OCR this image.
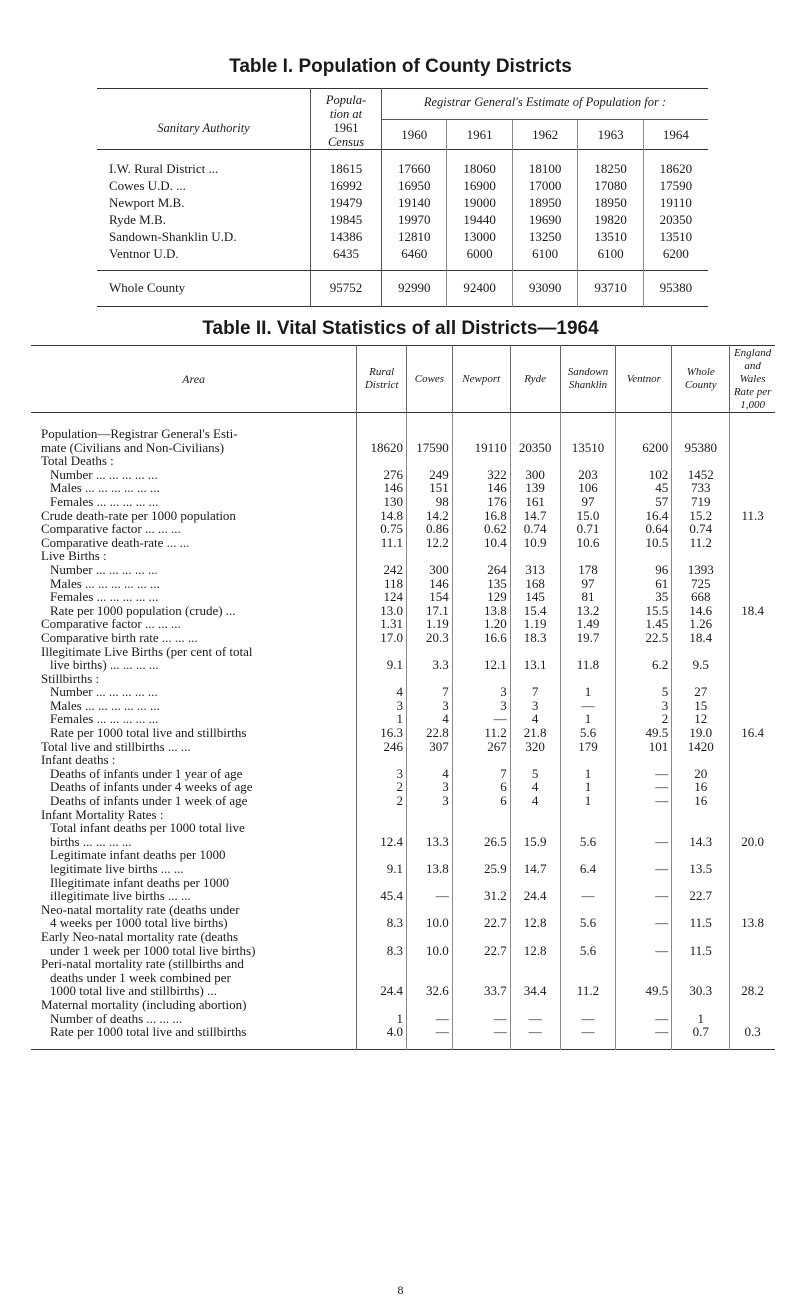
Table I. Population of County Districts
Sanitary Authority	Popula-
tion at
1961
Census	Registrar General's Estimate of Population for :				
		1960	1961	1962	1963	1964
I.W. Rural District ...	18615	17660	18060	18100	18250	18620
Cowes U.D. ...	16992	16950	16900	17000	17080	17590
Newport M.B.	19479	19140	19000	18950	18950	19110
Ryde M.B.	19845	19970	19440	19690	19820	20350
Sandown-Shanklin U.D.	14386	12810	13000	13250	13510	13510
Ventnor U.D.	6435	6460	6000	6100	6100	6200
Whole County	95752	92990	92400	93090	93710	95380
Table II. Vital Statistics of all Districts—1964
Area	Rural District	Cowes	Newport	Ryde	Sandown Shanklin	Ventnor	Whole County	England and Wales Rate per 1,000

Population—Registrar General's Esti-								
mate (Civilians and Non-Civilians)	18620	17590	19110	20350	13510	6200	95380	
Total Deaths :								
Number ... ... ... ... ...	276	249	322	300	203	102	1452	
Males ... ... ... ... ... ...	146	151	146	139	106	45	733	
Females ... ... ... ... ...	130	98	176	161	97	57	719	
Crude death-rate per 1000 population	14.8	14.2	16.8	14.7	15.0	16.4	15.2	11.3
Comparative factor ... ... ...	0.75	0.86	0.62	0.74	0.71	0.64	0.74	
Comparative death-rate ... ...	11.1	12.2	10.4	10.9	10.6	10.5	11.2	
Live Births :								
Number ... ... ... ... ...	242	300	264	313	178	96	1393	
Males ... ... ... ... ... ...	118	146	135	168	97	61	725	
Females ... ... ... ... ...	124	154	129	145	81	35	668	
Rate per 1000 population (crude) ...	13.0	17.1	13.8	15.4	13.2	15.5	14.6	18.4
Comparative factor ... ... ...	1.31	1.19	1.20	1.19	1.49	1.45	1.26	
Comparative birth rate ... ... ...	17.0	20.3	16.6	18.3	19.7	22.5	18.4	
Illegitimate Live Births (per cent of total								
live births) ... ... ... ...	9.1	3.3	12.1	13.1	11.8	6.2	9.5	
Stillbirths :								
Number ... ... ... ... ...	4	7	3	7	1	5	27	
Males ... ... ... ... ... ...	3	3	3	3	—	3	15	
Females ... ... ... ... ...	1	4	—	4	1	2	12	
Rate per 1000 total live and stillbirths	16.3	22.8	11.2	21.8	5.6	49.5	19.0	16.4
Total live and stillbirths ... ...	246	307	267	320	179	101	1420	
Infant deaths :								
Deaths of infants under 1 year of age	3	4	7	5	1	—	20	
Deaths of infants under 4 weeks of age	2	3	6	4	1	—	16	
Deaths of infants under 1 week of age	2	3	6	4	1	—	16	
Infant Mortality Rates :								
Total infant deaths per 1000 total live								
births ... ... ... ...	12.4	13.3	26.5	15.9	5.6	—	14.3	20.0
Legitimate infant deaths per 1000								
legitimate live births ... ...	9.1	13.8	25.9	14.7	6.4	—	13.5	
Illegitimate infant deaths per 1000								
illegitimate live births ... ...	45.4	—	31.2	24.4	—	—	22.7	
Neo-natal mortality rate (deaths under								
4 weeks per 1000 total live births)	8.3	10.0	22.7	12.8	5.6	—	11.5	13.8
Early Neo-natal mortality rate (deaths								
under 1 week per 1000 total live births)	8.3	10.0	22.7	12.8	5.6	—	11.5	
Peri-natal mortality rate (stillbirths and								
deaths under 1 week combined per								
1000 total live and stillbirths) ...	24.4	32.6	33.7	34.4	11.2	49.5	30.3	28.2
Maternal mortality (including abortion)								
Number of deaths ... ... ...	1	—	—	—	—	—	1	
Rate per 1000 total live and stillbirths	4.0	—	—	—	—	—	0.7	0.3

8
